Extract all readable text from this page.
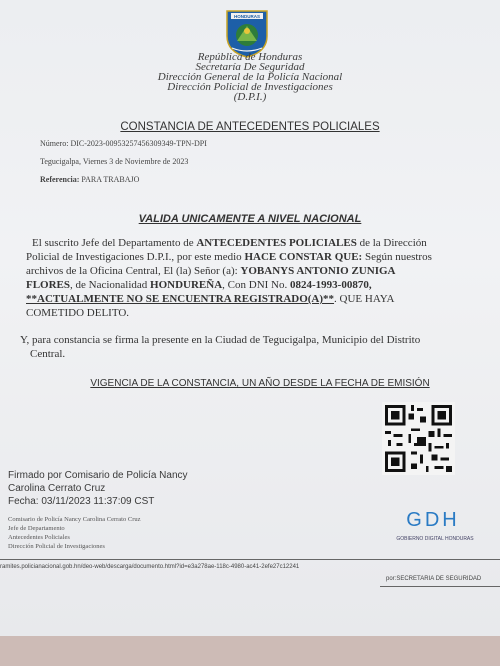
HONDURAS

República de Honduras

Secretaría De Seguridad

Dirección General de la Policía Nacional

Dirección Policial de Investigaciones

(D.P.I.)

CONSTANCIA DE ANTECEDENTES POLICIALES

Número: DIC-2023-00953257456309349-TPN-DPI

Tegucigalpa, Viernes 3 de Noviembre de 2023

Referencia: PARA TRABAJO

VALIDA UNICAMENTE A NIVEL NACIONAL

El suscrito Jefe del Departamento de ANTECEDENTES POLICIALES de la Dirección

Policial de Investigaciones D.P.I., por este medio HACE CONSTAR QUE: Según nuestros

archivos de la Oficina Central, El (la) Señor (a): YOBANYS ANTONIO ZUNIGA

FLORES, de Nacionalidad HONDUREÑA, Con DNI No. 0824-1993-00870,

**ACTUALMENTE NO SE ENCUENTRA REGISTRADO(A)**. QUE HAYA

COMETIDO DELITO.

Y, para constancia se firma la presente en la Ciudad de Tegucigalpa, Municipio del Distrito

Central.

VIGENCIA DE LA CONSTANCIA, UN AÑO DESDE LA FECHA DE EMISIÓN

Firmado por Comisario de Policía Nancy

Carolina Cerrato Cruz

Fecha: 03/11/2023 11:37:09 CST

Comisario de Policía Nancy Carolina Cerrato Cruz

Jefe de Departamento

Antecedentes Policiales

Dirección Policial de Investigaciones

GDH

GOBIERNO DIGITAL HONDURAS

ramites.policianacional.gob.hn/deo-web/descarga/documento.html?id=e3a278ae-118c-4980-ac41-2efe27c12241

por:SECRETARIA DE SEGURIDAD
